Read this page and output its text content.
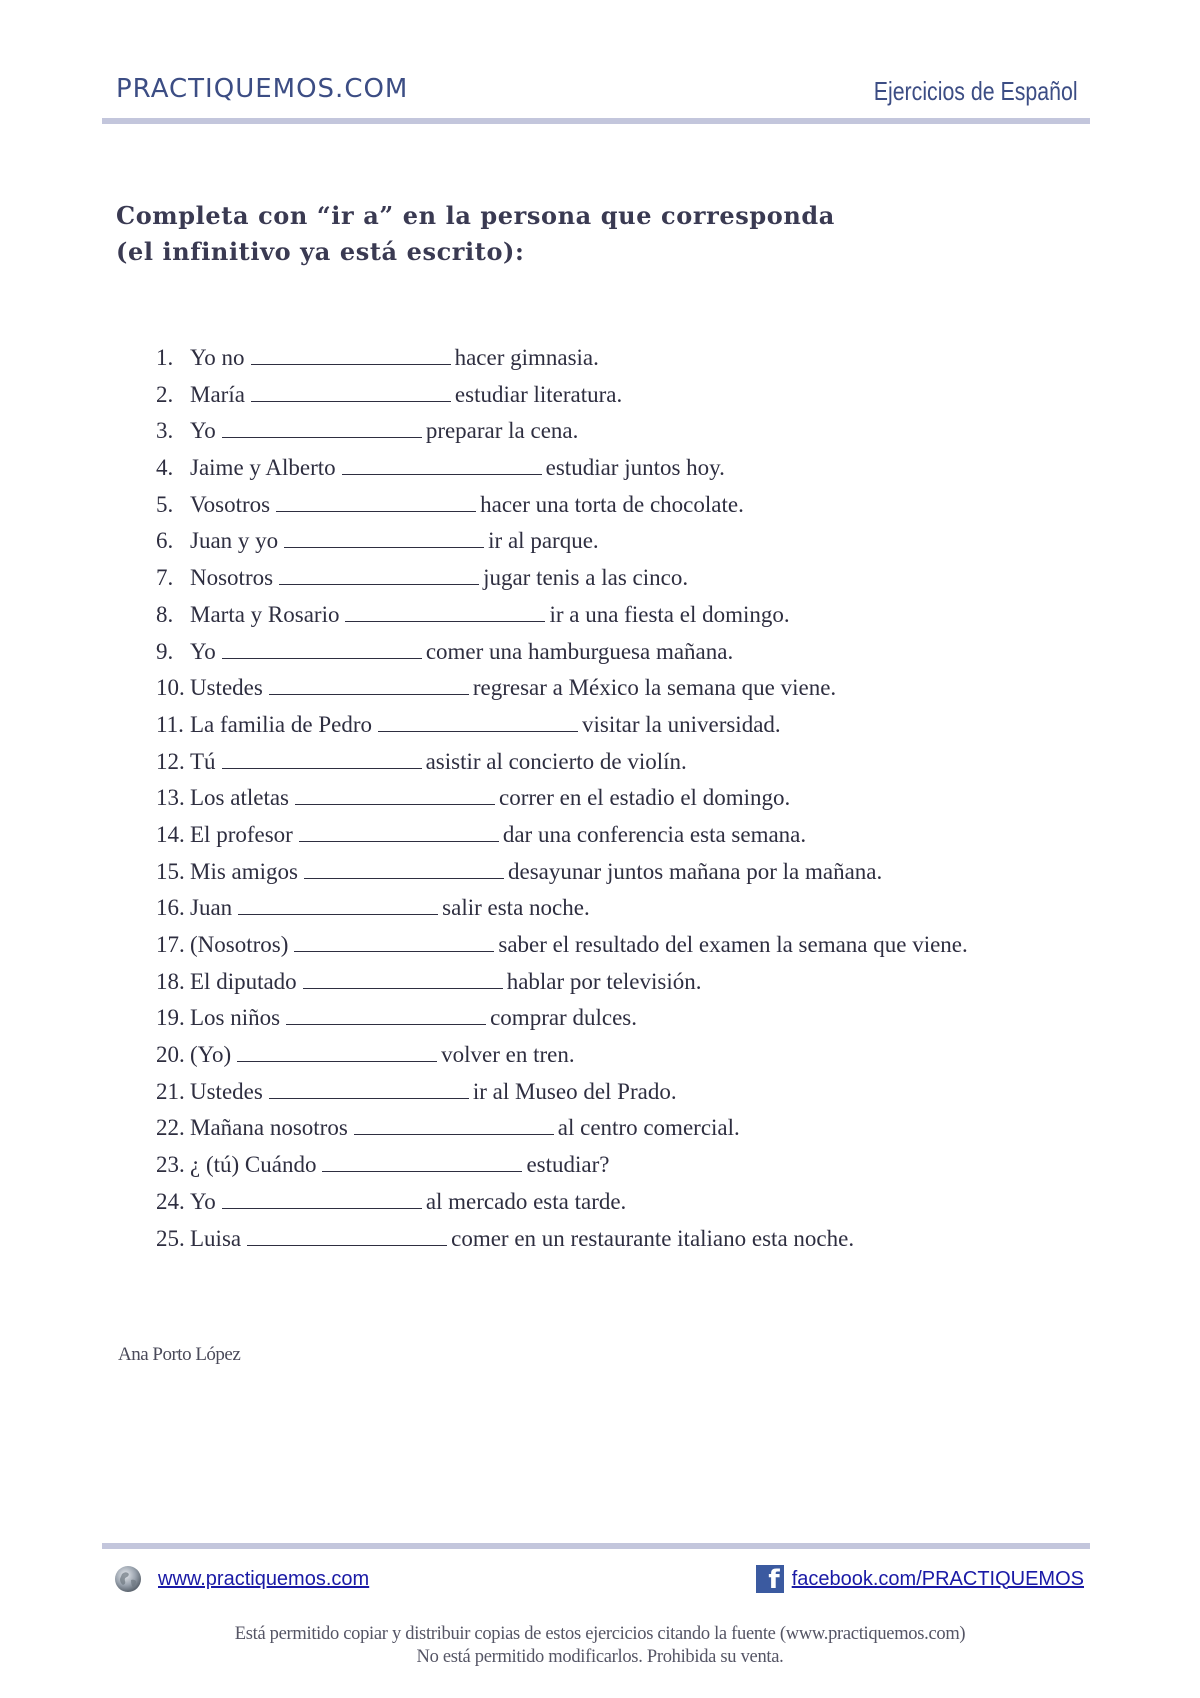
PRACTIQUEMOS.COM	Ejercicios de Español
Completa con “ir a” en la persona que corresponda
(el infinitivo ya está escrito):
1. Yo no	hacer gimnasia.
2. María	estudiar literatura.
3. Yo	preparar la cena.
4. Jaime y Alberto	estudiar juntos hoy.
5. Vosotros	hacer una torta de chocolate.
6. Juan y yo	ir al parque.
7. Nosotros	jugar tenis a las cinco.
8. Marta y Rosario	ir a una fiesta el domingo.
9. Yo	comer una hamburguesa mañana.
10. Ustedes	regresar a México la semana que viene.
11. La familia de Pedro	visitar la universidad.
12. Tú	asistir al concierto de violín.
13. Los atletas	correr en el estadio el domingo.
14. El profesor	dar una conferencia esta semana.
15. Mis amigos	desayunar juntos mañana por la mañana.
16. Juan	salir esta noche.
17. (Nosotros)	saber el resultado del examen la semana que viene.
18. El diputado	hablar por televisión.
19. Los niños	comprar dulces.
20. (Yo)	volver en tren.
21. Ustedes	ir al Museo del Prado.
22. Mañana nosotros	al centro comercial.
23. ¿ (tú) Cuándo	estudiar?
24. Yo	al mercado esta tarde.
25. Luisa	comer en un restaurante italiano esta noche.
Ana Porto López
www.practiquemos.com	f facebook.com/PRACTIQUEMOS
Está permitido copiar y distribuir copias de estos ejercicios citando la fuente (www.practiquemos.com)
No está permitido modificarlos. Prohibida su venta.
